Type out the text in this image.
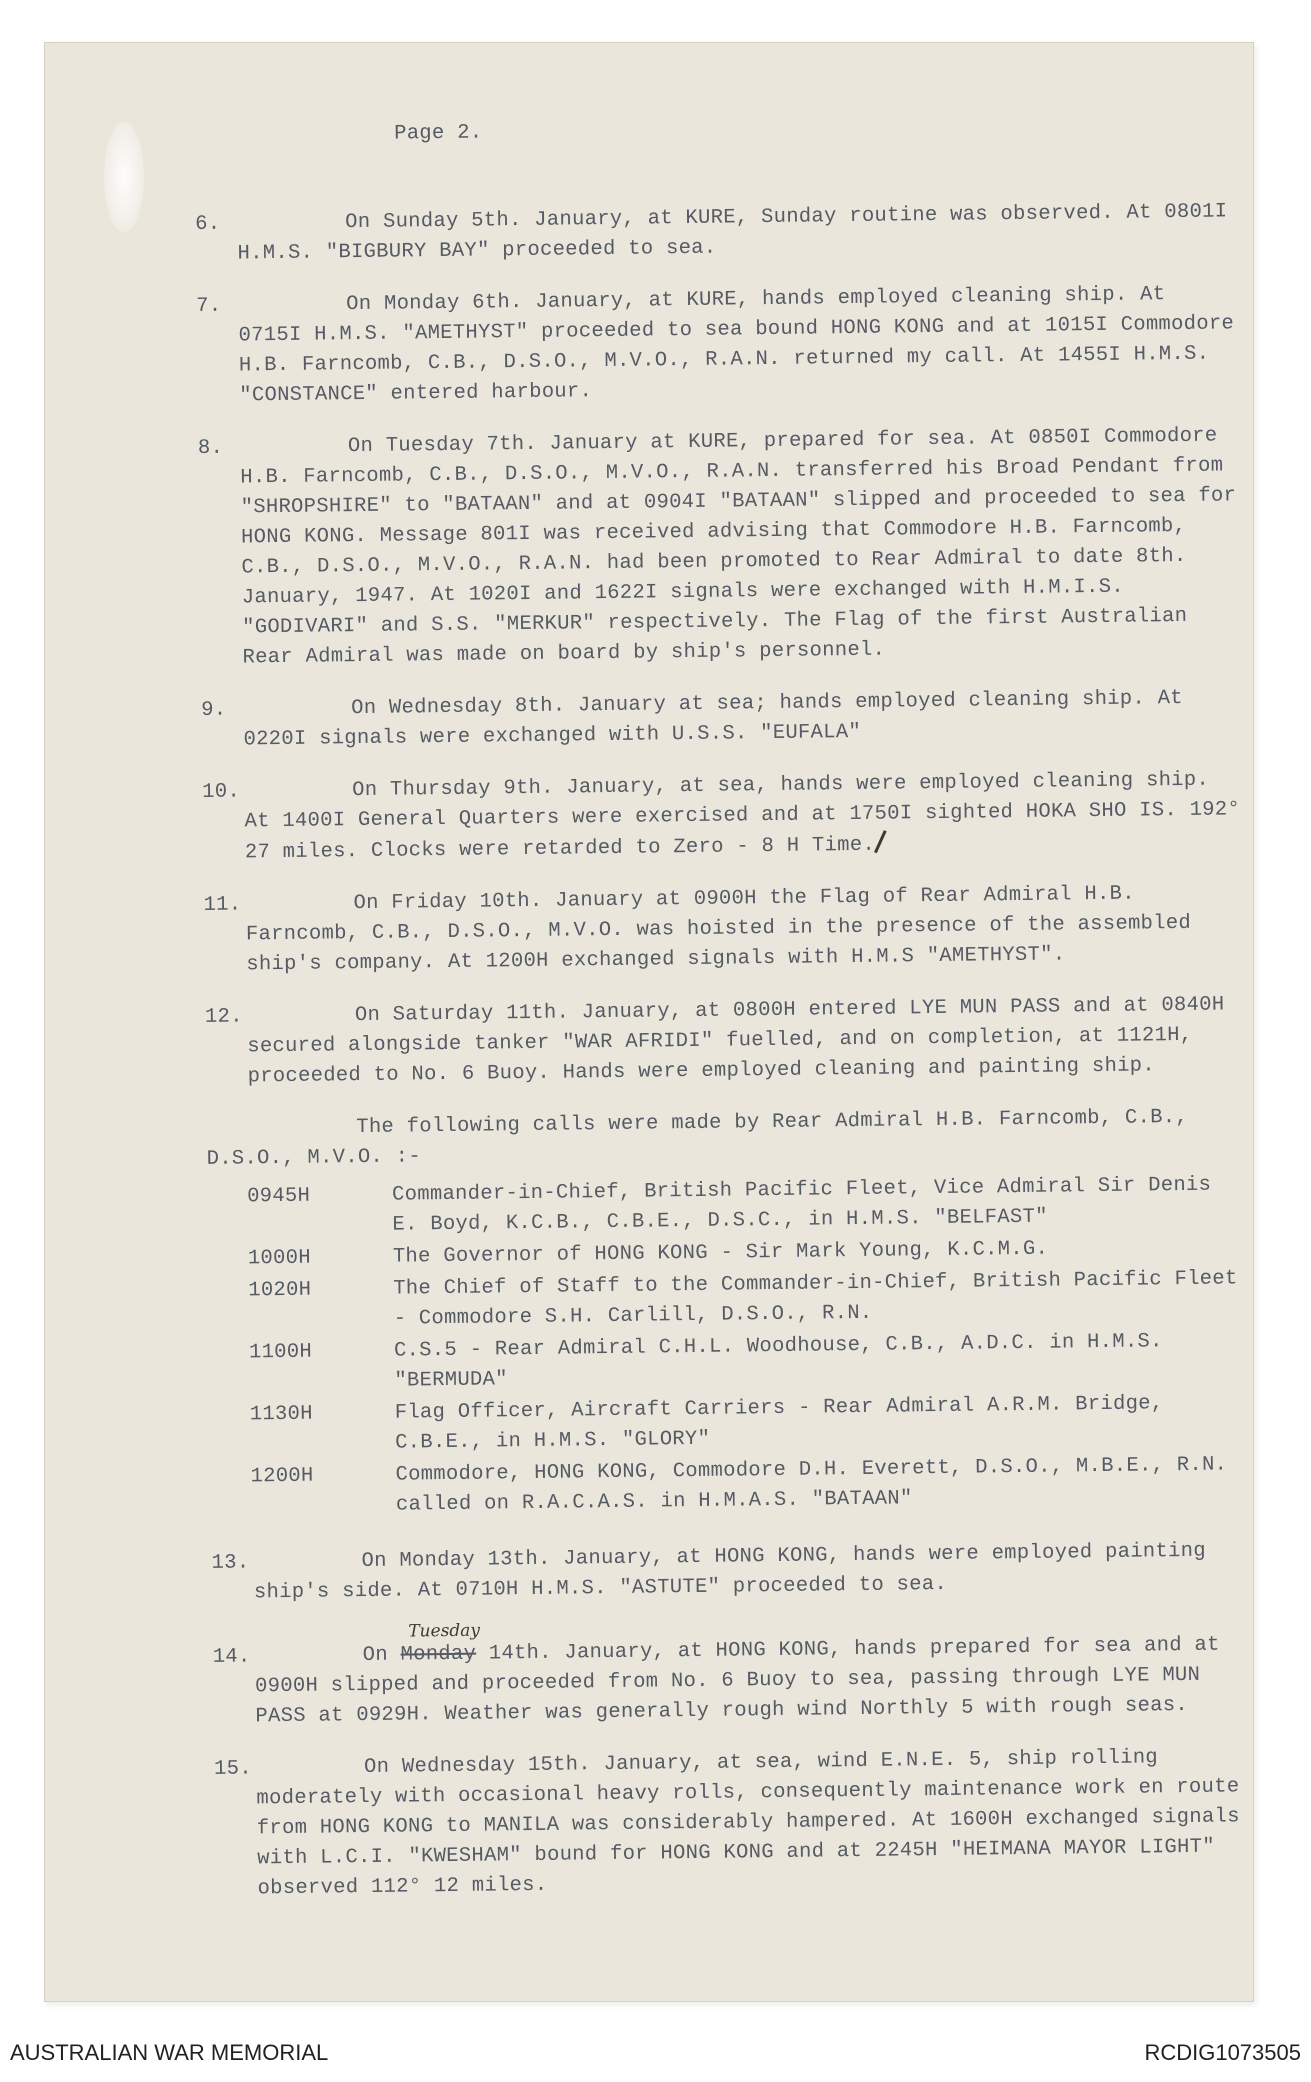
Page 2.
6.	On Sunday 5th. January, at KURE, Sunday routine was observed. At 0801I H.M.S. "BIGBURY BAY" proceeded to sea.
7.	On Monday 6th. January, at KURE, hands employed cleaning ship. At 0715I H.M.S. "AMETHYST" proceeded to sea bound HONG KONG and at 1015I Commodore H.B. Farncomb, C.B., D.S.O., M.V.O., R.A.N. returned my call. At 1455I H.M.S. "CONSTANCE" entered harbour.
8.	On Tuesday 7th. January at KURE, prepared for sea. At 0850I Commodore H.B. Farncomb, C.B., D.S.O., M.V.O., R.A.N. transferred his Broad Pendant from "SHROPSHIRE" to "BATAAN" and at 0904I "BATAAN" slipped and proceeded to sea for HONG KONG. Message 801I was received advising that Commodore H.B. Farncomb, C.B., D.S.O., M.V.O., R.A.N. had been promoted to Rear Admiral to date 8th. January, 1947. At 1020I and 1622I signals were exchanged with H.M.I.S. "GODIVARI" and S.S. "MERKUR" respectively. The Flag of the first Australian Rear Admiral was made on board by ship's personnel.
9.	On Wednesday 8th. January at sea; hands employed cleaning ship. At 0220I signals were exchanged with U.S.S. "EUFALA"
10.	On Thursday 9th. January, at sea, hands were employed cleaning ship. At 1400I General Quarters were exercised and at 1750I sighted HOKA SHO IS. 192° 27 miles. Clocks were retarded to Zero - 8 H Time.
11.	On Friday 10th. January at 0900H the Flag of Rear Admiral H.B. Farncomb, C.B., D.S.O., M.V.O. was hoisted in the presence of the assembled ship's company. At 1200H exchanged signals with H.M.S "AMETHYST".
12.	On Saturday 11th. January, at 0800H entered LYE MUN PASS and at 0840H secured alongside tanker "WAR AFRIDI" fuelled, and on completion, at 1121H, proceeded to No. 6 Buoy. Hands were employed cleaning and painting ship.
The following calls were made by Rear Admiral H.B. Farncomb, C.B., D.S.O., M.V.O. :-
0945H	Commander-in-Chief, British Pacific Fleet, Vice Admiral Sir Denis E. Boyd, K.C.B., C.B.E., D.S.C., in H.M.S. "BELFAST"
1000H	The Governor of HONG KONG - Sir Mark Young, K.C.M.G.
1020H	The Chief of Staff to the Commander-in-Chief, British Pacific Fleet - Commodore S.H. Carlill, D.S.O., R.N.
1100H	C.S.5 - Rear Admiral C.H.L. Woodhouse, C.B., A.D.C. in H.M.S. "BERMUDA"
1130H	Flag Officer, Aircraft Carriers - Rear Admiral A.R.M. Bridge, C.B.E., in H.M.S. "GLORY"
1200H	Commodore, HONG KONG, Commodore D.H. Everett, D.S.O., M.B.E., R.N. called on R.A.C.A.S. in H.M.A.S. "BATAAN"
13.	On Monday 13th. January, at HONG KONG, hands were employed painting ship's side. At 0710H H.M.S. "ASTUTE" proceeded to sea.
14.	On Monday
Tuesday
14th. January, at HONG KONG, hands prepared for sea and at 0900H slipped and proceeded from No. 6 Buoy to sea, passing through LYE MUN PASS at 0929H. Weather was generally rough wind Northly 5 with rough seas.
15.	On Wednesday 15th. January, at sea, wind E.N.E. 5, ship rolling moderately with occasional heavy rolls, consequently maintenance work en route from HONG KONG to MANILA was considerably hampered. At 1600H exchanged signals with L.C.I. "KWESHAM" bound for HONG KONG and at 2245H "HEIMANA MAYOR LIGHT" observed 112° 12 miles.
AUSTRALIAN WAR MEMORIAL	RCDIG1073505
